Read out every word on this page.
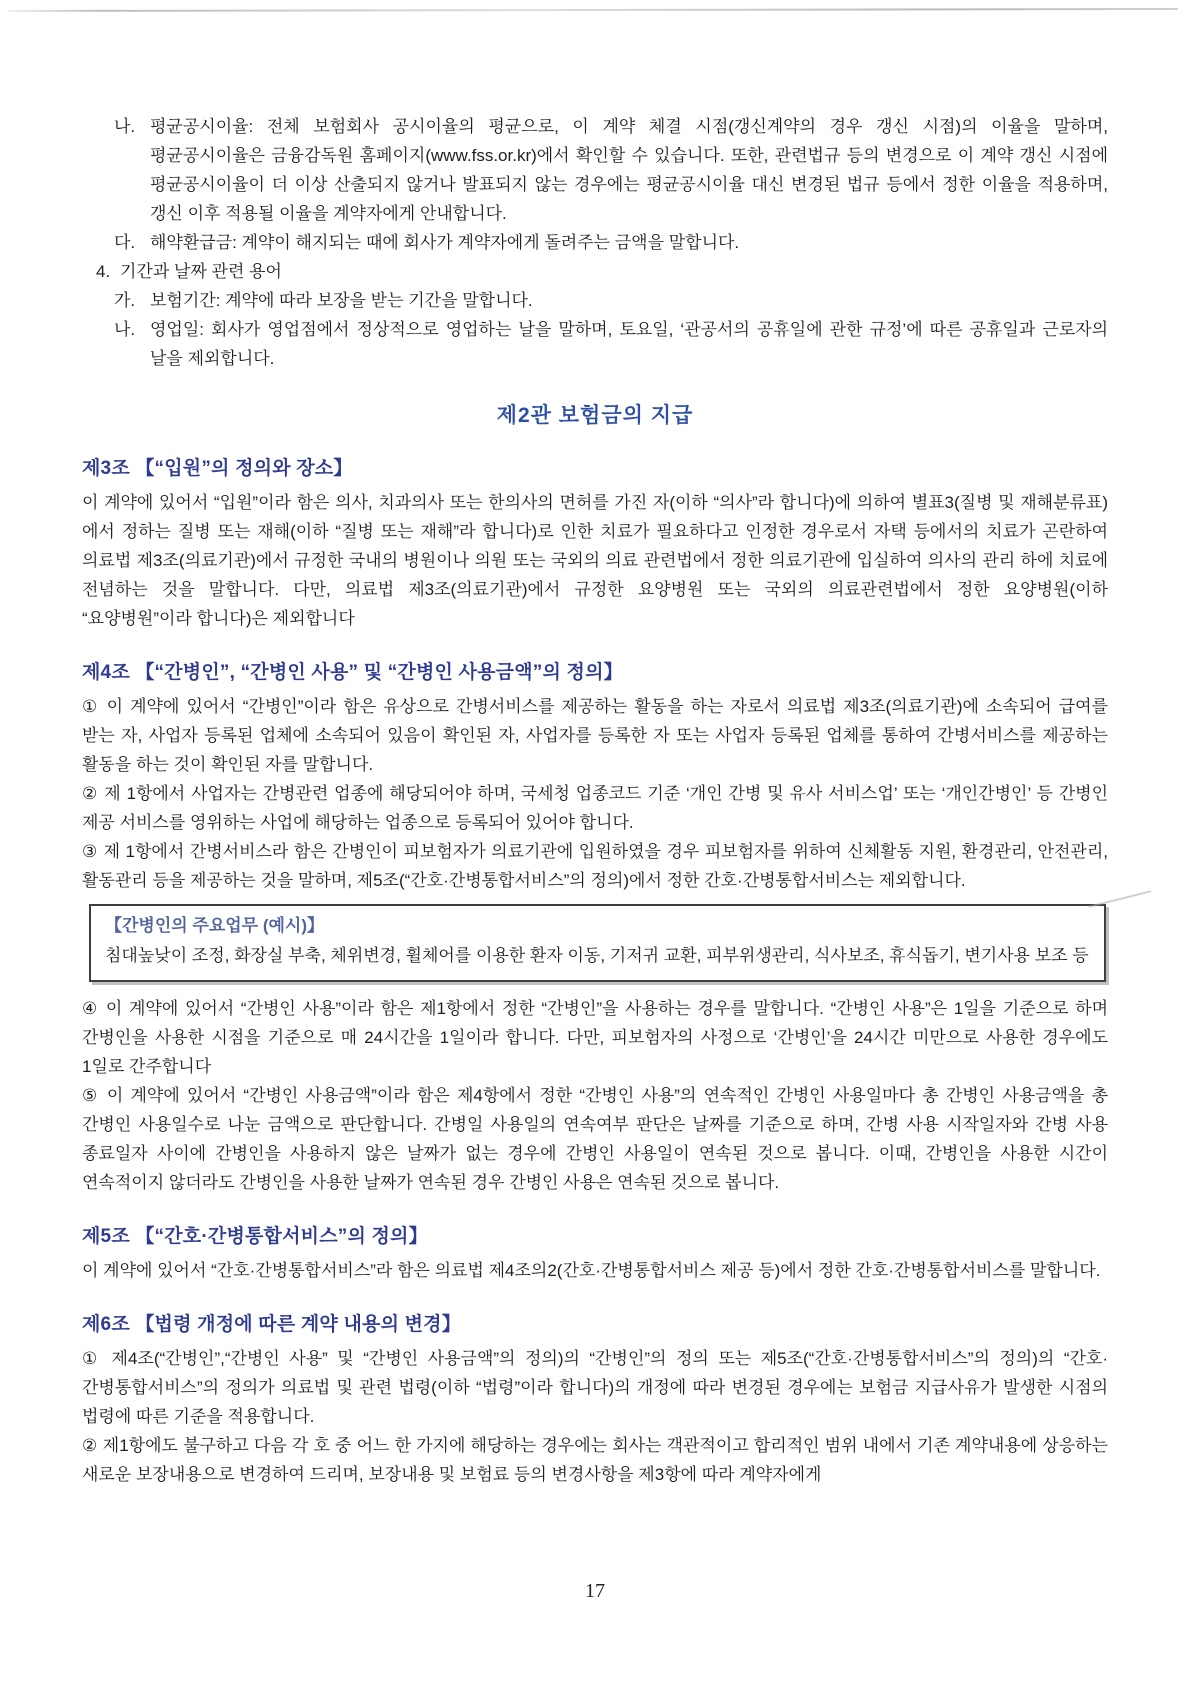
나. 평균공시이율: 전체 보험회사 공시이율의 평균으로, 이 계약 체결 시점(갱신계약의 경우 갱신 시점)의 이율을 말하며, 평균공시이율은 금융감독원 홈페이지(www.fss.or.kr)에서 확인할 수 있습니다. 또한, 관련법규 등의 변경으로 이 계약 갱신 시점에 평균공시이율이 더 이상 산출되지 않거나 발표되지 않는 경우에는 평균공시이율 대신 변경된 법규 등에서 정한 이율을 적용하며, 갱신 이후 적용될 이율을 계약자에게 안내합니다.
다. 해약환급금: 계약이 해지되는 때에 회사가 계약자에게 돌려주는 금액을 말합니다.
4. 기간과 날짜 관련 용어
가. 보험기간: 계약에 따라 보장을 받는 기간을 말합니다.
나. 영업일: 회사가 영업점에서 정상적으로 영업하는 날을 말하며, 토요일, ‘관공서의 공휴일에 관한 규정’에 따른 공휴일과 근로자의 날을 제외합니다.
제2관 보험금의 지급
제3조 【“입원”의 정의와 장소】

이 계약에 있어서 “입원”이라 함은 의사, 치과의사 또는 한의사의 면허를 가진 자(이하 “의사”라 합니다)에 의하여 별표3(질병 및 재해분류표)에서 정하는 질병 또는 재해(이하 “질병 또는 재해”라 합니다)로 인한 치료가 필요하다고 인정한 경우로서 자택 등에서의 치료가 곤란하여 의료법 제3조(의료기관)에서 규정한 국내의 병원이나 의원 또는 국외의 의료 관련법에서 정한 의료기관에 입실하여 의사의 관리 하에 치료에 전념하는 것을 말합니다. 다만, 의료법 제3조(의료기관)에서 규정한 요양병원 또는 국외의 의료관련법에서 정한 요양병원(이하 “요양병원”이라 합니다)은 제외합니다

제4조 【“간병인”, “간병인 사용” 및 “간병인 사용금액”의 정의】

① 이 계약에 있어서 “간병인”이라 함은 유상으로 간병서비스를 제공하는 활동을 하는 자로서 의료법 제3조(의료기관)에 소속되어 급여를 받는 자, 사업자 등록된 업체에 소속되어 있음이 확인된 자, 사업자를 등록한 자 또는 사업자 등록된 업체를 통하여 간병서비스를 제공하는 활동을 하는 것이 확인된 자를 말합니다.

② 제 1항에서 사업자는 간병관련 업종에 해당되어야 하며, 국세청 업종코드 기준 ‘개인 간병 및 유사 서비스업’ 또는 ‘개인간병인’ 등 간병인 제공 서비스를 영위하는 사업에 해당하는 업종으로 등록되어 있어야 합니다.

③ 제 1항에서 간병서비스라 함은 간병인이 피보험자가 의료기관에 입원하였을 경우 피보험자를 위하여 신체활동 지원, 환경관리, 안전관리, 활동관리 등을 제공하는 것을 말하며, 제5조(“간호·간병통합서비스”의 정의)에서 정한 간호·간병통합서비스는 제외합니다.

【간병인의 주요업무 (예시)】
침대높낮이 조정, 화장실 부축, 체위변경, 휠체어를 이용한 환자 이동, 기저귀 교환, 피부위생관리, 식사보조, 휴식돕기, 변기사용 보조 등

④ 이 계약에 있어서 “간병인 사용”이라 함은 제1항에서 정한 “간병인”을 사용하는 경우를 말합니다. “간병인 사용”은 1일을 기준으로 하며 간병인을 사용한 시점을 기준으로 매 24시간을 1일이라 합니다. 다만, 피보험자의 사정으로 ‘간병인’을 24시간 미만으로 사용한 경우에도 1일로 간주합니다

⑤ 이 계약에 있어서 “간병인 사용금액”이라 함은 제4항에서 정한 “간병인 사용”의 연속적인 간병인 사용일마다 총 간병인 사용금액을 총 간병인 사용일수로 나눈 금액으로 판단합니다. 간병일 사용일의 연속여부 판단은 날짜를 기준으로 하며, 간병 사용 시작일자와 간병 사용 종료일자 사이에 간병인을 사용하지 않은 날짜가 없는 경우에 간병인 사용일이 연속된 것으로 봅니다. 이때, 간병인을 사용한 시간이 연속적이지 않더라도 간병인을 사용한 날짜가 연속된 경우 간병인 사용은 연속된 것으로 봅니다.

제5조 【“간호·간병통합서비스”의 정의】

이 계약에 있어서 “간호·간병통합서비스”라 함은 의료법 제4조의2(간호·간병통합서비스 제공 등)에서 정한 간호·간병통합서비스를 말합니다.

제6조 【법령 개정에 따른 계약 내용의 변경】

① 제4조(“간병인”,“간병인 사용” 및 “간병인 사용금액”의 정의)의 “간병인”의 정의 또는 제5조(“간호·간병통합서비스”의 정의)의 “간호·간병통합서비스”의 정의가 의료법 및 관련 법령(이하 “법령”이라 합니다)의 개정에 따라 변경된 경우에는 보험금 지급사유가 발생한 시점의 법령에 따른 기준을 적용합니다.

② 제1항에도 불구하고 다음 각 호 중 어느 한 가지에 해당하는 경우에는 회사는 객관적이고 합리적인 범위 내에서 기존 계약내용에 상응하는 새로운 보장내용으로 변경하여 드리며, 보장내용 및 보험료 등의 변경사항을 제3항에 따라 계약자에게

17
